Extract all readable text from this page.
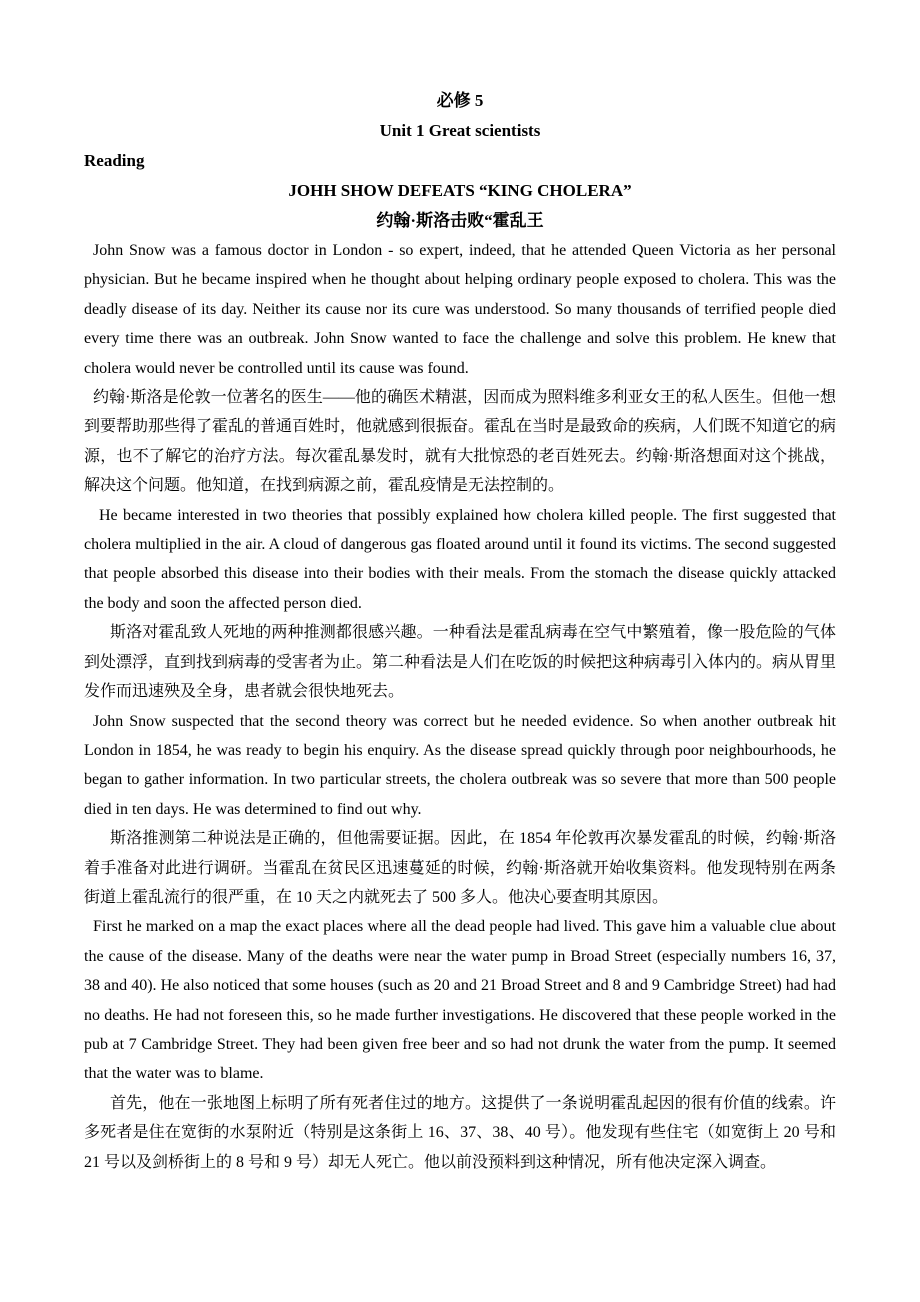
必修 5
Unit 1 Great scientists
Reading
JOHH SHOW DEFEATS “KING CHOLERA”
约翰·斯洛击败“霍乱王

John Snow was a famous doctor in London - so expert, indeed, that he attended Queen Victoria as her personal physician. But he became inspired when he thought about helping ordinary people exposed to cholera. This was the deadly disease of its day. Neither its cause nor its cure was understood. So many thousands of terrified people died every time there was an outbreak. John Snow wanted to face the challenge and solve this problem. He knew that cholera would never be controlled until its cause was found.

约翰·斯洛是伦敦一位著名的医生——他的确医术精湛，因而成为照料维多利亚女王的私人医生。但他一想到要帮助那些得了霍乱的普通百姓时，他就感到很振奋。霍乱在当时是最致命的疾病，人们既不知道它的病源，也不了解它的治疗方法。每次霍乱暴发时，就有大批惊恐的老百姓死去。约翰·斯洛想面对这个挑战，解决这个问题。他知道，在找到病源之前，霍乱疫情是无法控制的。

He became interested in two theories that possibly explained how cholera killed people. The first suggested that cholera multiplied in the air. A cloud of dangerous gas floated around until it found its victims. The second suggested that people absorbed this disease into their bodies with their meals. From the stomach the disease quickly attacked the body and soon the affected person died.

斯洛对霍乱致人死地的两种推测都很感兴趣。一种看法是霍乱病毒在空气中繁殖着，像一股危险的气体到处漂浮，直到找到病毒的受害者为止。第二种看法是人们在吃饭的时候把这种病毒引入体内的。病从胃里发作而迅速殃及全身，患者就会很快地死去。

John Snow suspected that the second theory was correct but he needed evidence. So when another outbreak hit London in 1854, he was ready to begin his enquiry. As the disease spread quickly through poor neighbourhoods, he began to gather information. In two particular streets, the cholera outbreak was so severe that more than 500 people died in ten days. He was determined to find out why.

斯洛推测第二种说法是正确的，但他需要证据。因此，在 1854 年伦敦再次暴发霍乱的时候，约翰·斯洛着手准备对此进行调研。当霍乱在贫民区迅速蔓延的时候，约翰·斯洛就开始收集资料。他发现特别在两条街道上霍乱流行的很严重，在 10 天之内就死去了 500 多人。他决心要查明其原因。

First he marked on a map the exact places where all the dead people had lived. This gave him a valuable clue about the cause of the disease. Many of the deaths were near the water pump in Broad Street (especially numbers 16, 37, 38 and 40). He also noticed that some houses (such as 20 and 21 Broad Street and 8 and 9 Cambridge Street) had had no deaths. He had not foreseen this, so he made further investigations. He discovered that these people worked in the pub at 7 Cambridge Street. They had been given free beer and so had not drunk the water from the pump. It seemed that the water was to blame.

首先，他在一张地图上标明了所有死者住过的地方。这提供了一条说明霍乱起因的很有价值的线索。许多死者是住在宽街的水泵附近（特别是这条街上 16、37、38、40 号）。他发现有些住宅（如宽街上 20 号和 21 号以及剑桥街上的 8 号和 9 号）却无人死亡。他以前没预料到这种情况，所有他决定深入调查。
